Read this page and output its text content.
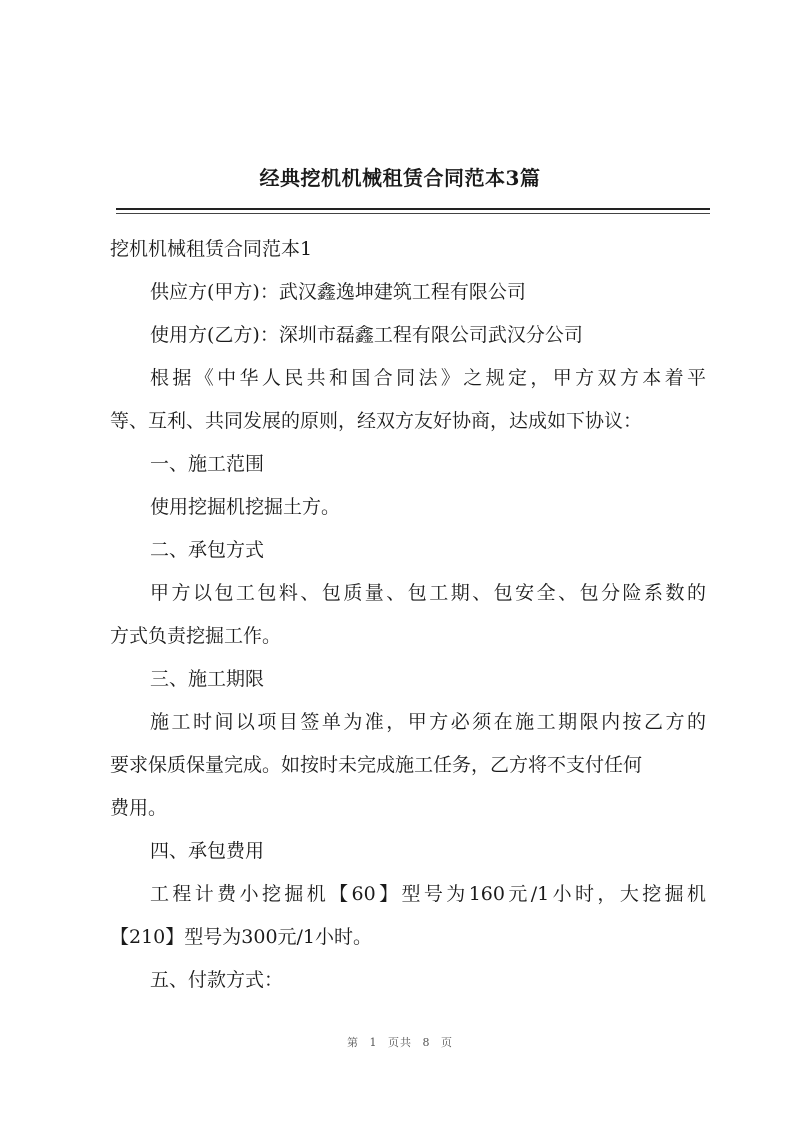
经典挖机机械租赁合同范本3篇
挖机机械租赁合同范本1
供应方(甲方)：武汉鑫逸坤建筑工程有限公司
使用方(乙方)：深圳市磊鑫工程有限公司武汉分公司
根据《中华人民共和国合同法》之规定，甲方双方本着平
等、互利、共同发展的原则，经双方友好协商，达成如下协议：
一、施工范围
使用挖掘机挖掘土方。
二、承包方式
甲方以包工包料、包质量、包工期、包安全、包分险系数的
方式负责挖掘工作。
三、施工期限
施工时间以项目签单为准，甲方必须在施工期限内按乙方的
要求保质保量完成。如按时未完成施工任务，乙方将不支付任何
费用。
四、承包费用
工程计费小挖掘机【60】型号为160元/1小时，大挖掘机
【210】型号为300元/1小时。
五、付款方式：
第 1 页共 8 页
